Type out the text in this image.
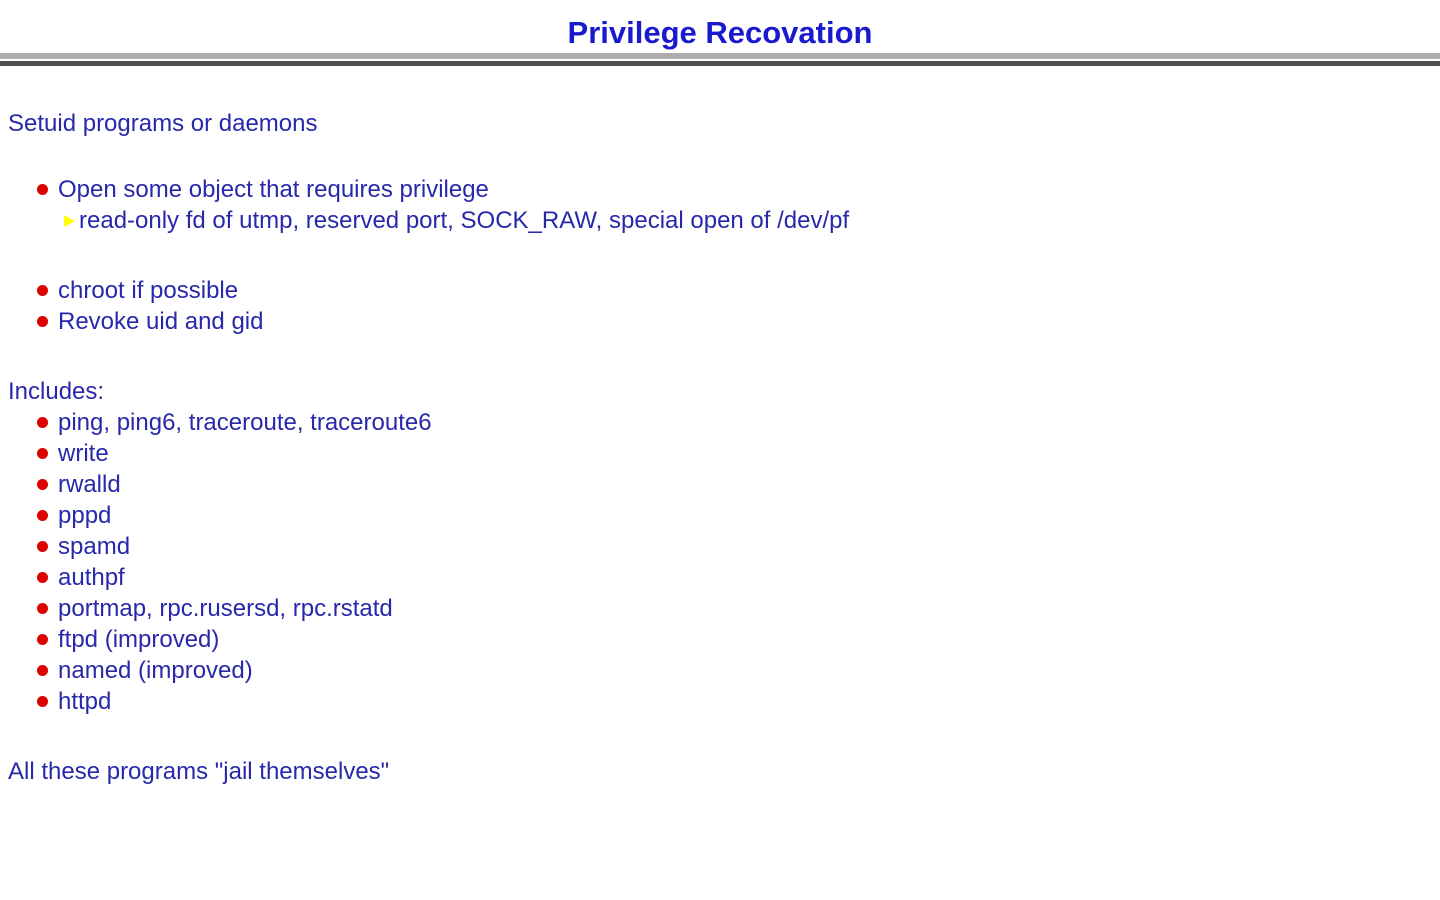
Privilege Recovation

Setuid programs or daemons

Open some object that requires privilege
read-only fd of utmp, reserved port, SOCK_RAW, special open of /dev/pf
chroot if possible
Revoke uid and gid

Includes:

ping, ping6, traceroute, traceroute6
write
rwalld
pppd
spamd
authpf
portmap, rpc.rusersd, rpc.rstatd
ftpd (improved)
named (improved)
httpd

All these programs "jail themselves"
